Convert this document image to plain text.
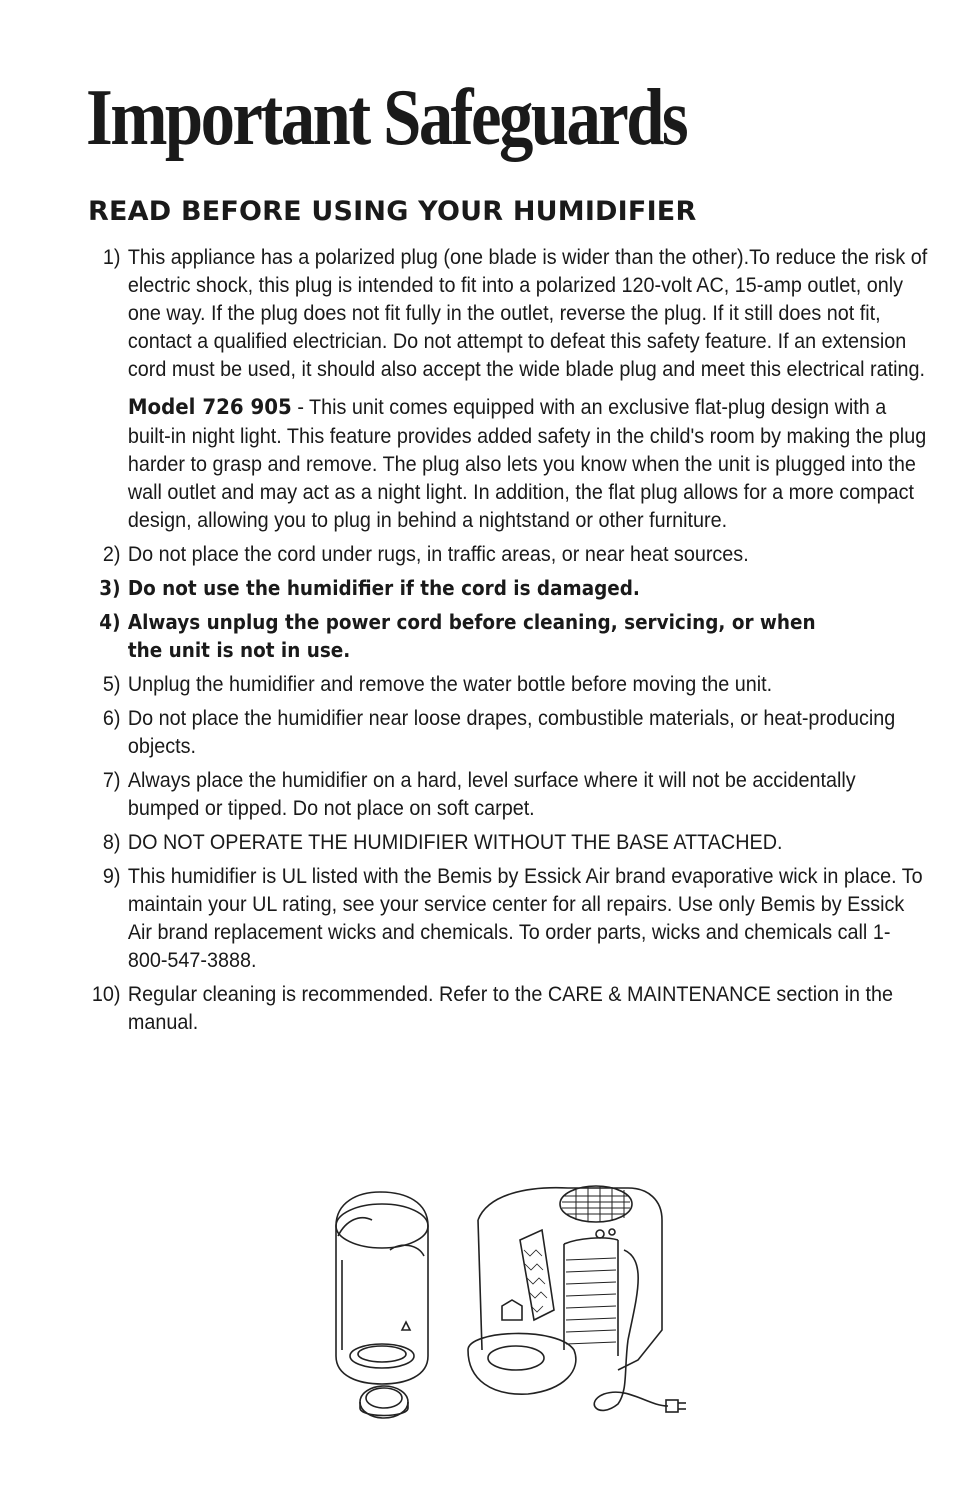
Important Safeguards
READ BEFORE USING YOUR HUMIDIFIER
1) This appliance has a polarized plug (one blade is wider than the other).To reduce the risk of electric shock, this plug is intended to fit into a polarized 120-volt AC, 15-amp outlet, only one way. If the plug does not fit fully in the outlet, reverse the plug. If it still does not fit, contact a qualified electrician. Do not attempt to defeat this safety feature. If an extension cord must be used, it should also accept the wide blade plug and meet this electrical rating.

Model 726 905 - This unit comes equipped with an exclusive flat-plug design with a built-in night light. This feature provides added safety in the child's room by making the plug harder to grasp and remove. The plug also lets you know when the unit is plugged into the wall outlet and may act as a night light. In addition, the flat plug allows for a more compact design, allowing you to plug in behind a nightstand or other furniture.

2) Do not place the cord under rugs, in traffic areas, or near heat sources.

3) Do not use the humidifier if the cord is damaged.

4) Always unplug the power cord before cleaning, servicing, or when the unit is not in use.

5) Unplug the humidifier and remove the water bottle before moving the unit.

6) Do not place the humidifier near loose drapes, combustible materials, or heat-producing objects.

7) Always place the humidifier on a hard, level surface where it will not be accidentally bumped or tipped. Do not place on soft carpet.

8) DO NOT OPERATE THE HUMIDIFIER WITHOUT THE BASE ATTACHED.

9) This humidifier is UL listed with the Bemis by Essick Air brand evaporative wick in place. To maintain your UL rating, see your service center for all repairs. Use only Bemis by Essick Air brand replacement wicks and chemicals. To order parts, wicks and chemicals call 1-800-547-3888.

10) Regular cleaning is recommended. Refer to the CARE & MAINTENANCE section in the manual.
